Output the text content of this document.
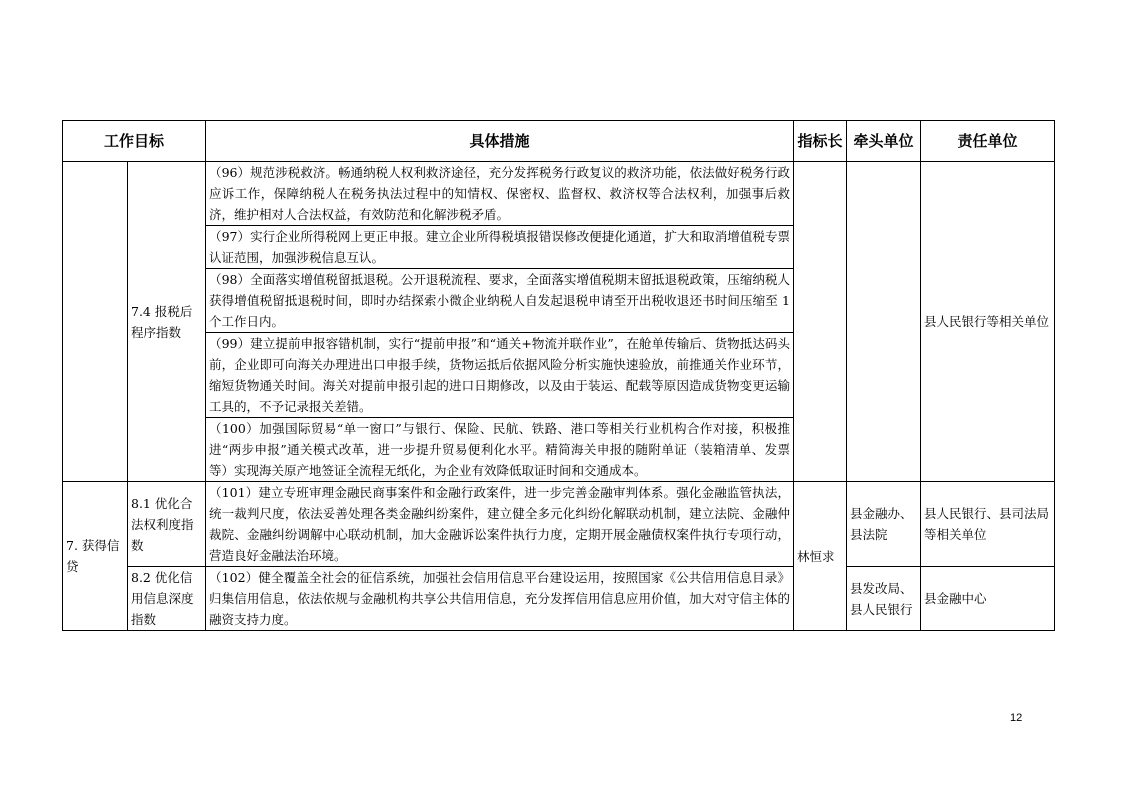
工作目标		具体措施	指标长	牵头单位	责任单位
	7.4 报税后程序指数	（96）规范涉税救济。畅通纳税人权利救济途径，充分发挥税务行政复议的救济功能，依法做好税务行政应诉工作，保障纳税人在税务执法过程中的知情权、保密权、监督权、救济权等合法权利，加强事后救济，维护相对人合法权益，有效防范和化解涉税矛盾。			县人民银行等相关单位
		（97）实行企业所得税网上更正申报。建立企业所得税填报错误修改便捷化通道，扩大和取消增值税专票认证范围，加强涉税信息互认。			
		（98）全面落实增值税留抵退税。公开退税流程、要求，全面落实增值税期末留抵退税政策，压缩纳税人获得增值税留抵退税时间，即时办结探索小微企业纳税人自发起退税申请至开出税收退还书时间压缩至 1 个工作日内。			
		（99）建立提前申报容错机制，实行“提前申报”和“通关+物流并联作业”，在舱单传输后、货物抵达码头前，企业即可向海关办理进出口申报手续，货物运抵后依据风险分析实施快速验放，前推通关作业环节，缩短货物通关时间。海关对提前申报引起的进口日期修改，以及由于装运、配载等原因造成货物变更运输工具的，不予记录报关差错。			
		（100）加强国际贸易“单一窗口”与银行、保险、民航、铁路、港口等相关行业机构合作对接，积极推进“两步申报”通关模式改革，进一步提升贸易便利化水平。精简海关申报的随附单证（装箱清单、发票等）实现海关原产地签证全流程无纸化，为企业有效降低取证时间和交通成本。			
7. 获得信贷	8.1 优化合法权利度指数	（101）建立专班审理金融民商事案件和金融行政案件，进一步完善金融审判体系。强化金融监管执法，统一裁判尺度，依法妥善处理各类金融纠纷案件，建立健全多元化纠纷化解联动机制，建立法院、金融仲裁院、金融纠纷调解中心联动机制，加大金融诉讼案件执行力度，定期开展金融债权案件执行专项行动，营造良好金融法治环境。	林恒求	县金融办、县法院	县人民银行、县司法局等相关单位
	8.2 优化信用信息深度指数	（102）健全覆盖全社会的征信系统，加强社会信用信息平台建设运用，按照国家《公共信用信息目录》归集信用信息，依法依规与金融机构共享公共信用信息，充分发挥信用信息应用价值，加大对守信主体的融资支持力度。		县发改局、县人民银行	县金融中心
12
